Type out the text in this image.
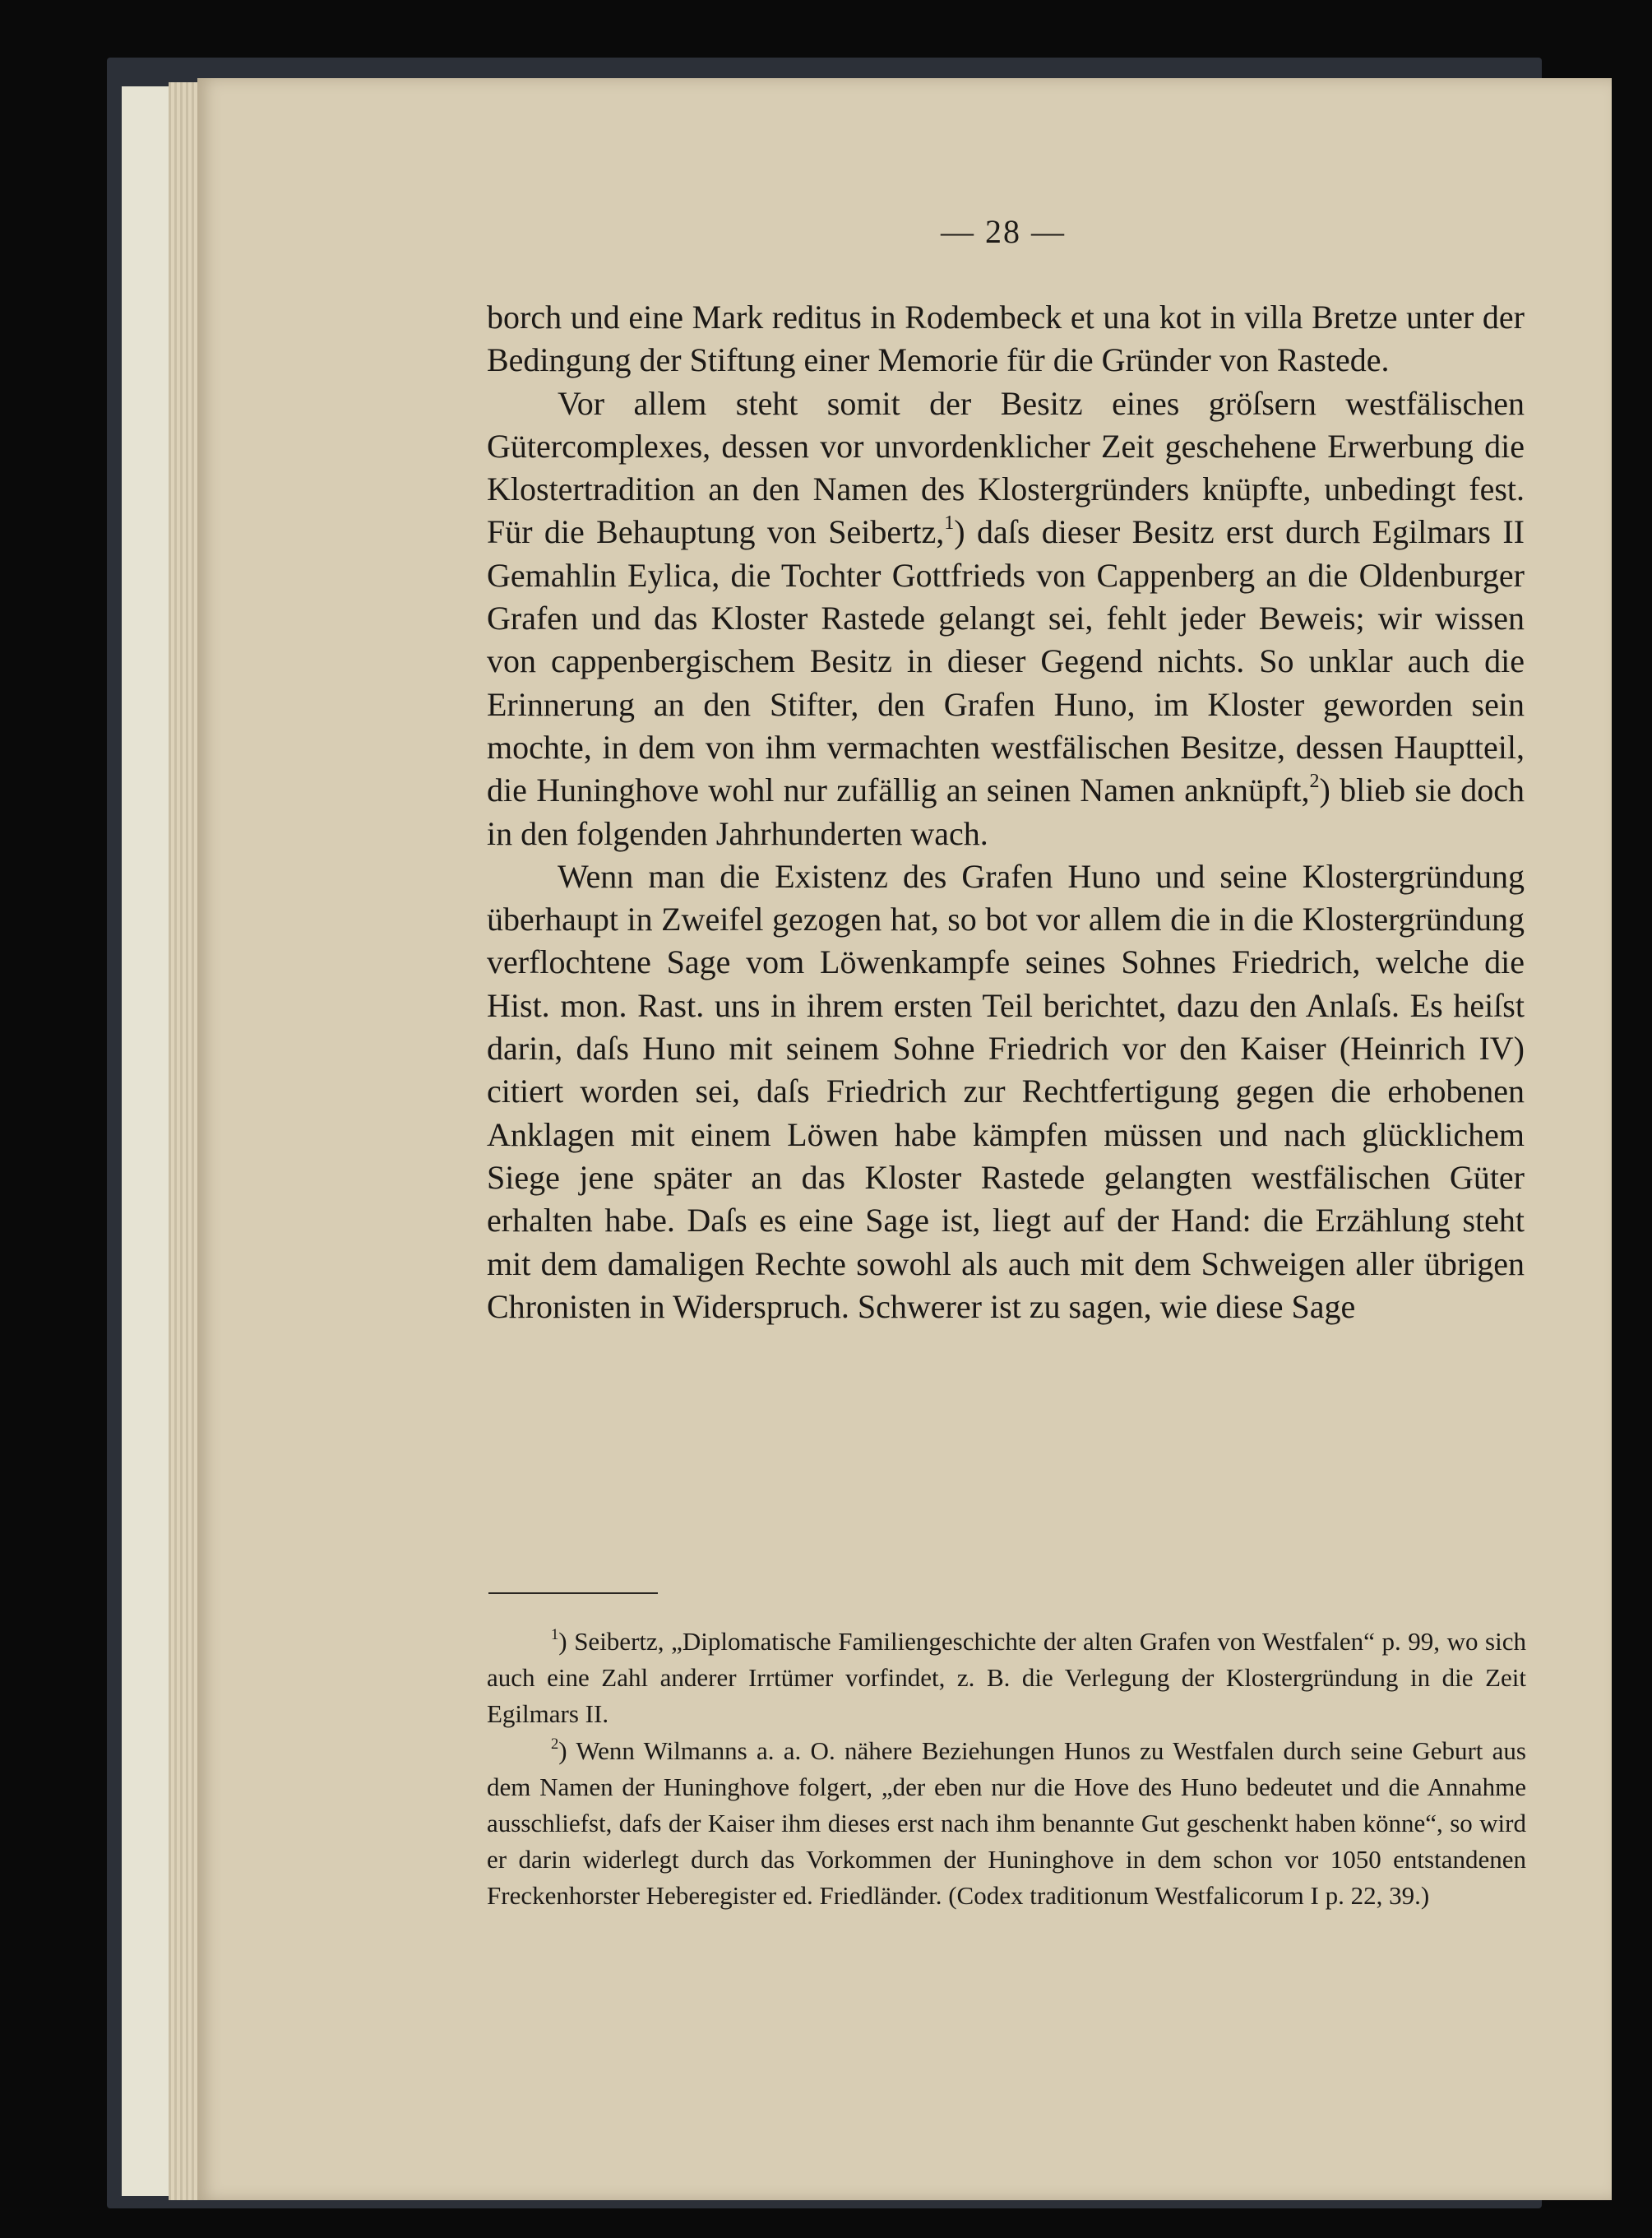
— 28 —

borch und eine Mark reditus in Rodembeck et una kot in villa Bretze unter der Bedingung der Stiftung einer Memorie für die Gründer von Rastede.

Vor allem steht somit der Besitz eines gröſsern westfälischen Gütercomplexes, dessen vor unvordenklicher Zeit geschehene Erwerbung die Klostertradition an den Namen des Klostergründers knüpfte, unbedingt fest. Für die Behauptung von Seibertz,$^1$) daſs dieser Besitz erst durch Egilmars II Gemahlin Eylica, die Tochter Gottfrieds von Cappenberg an die Oldenburger Grafen und das Kloster Rastede gelangt sei, fehlt jeder Beweis; wir wissen von cappenbergischem Besitz in dieser Gegend nichts. So unklar auch die Erinnerung an den Stifter, den Grafen Huno, im Kloster geworden sein mochte, in dem von ihm vermachten westfälischen Besitze, dessen Hauptteil, die Huninghove wohl nur zufällig an seinen Namen anknüpft,$^2$) blieb sie doch in den folgenden Jahrhunderten wach.

Wenn man die Existenz des Grafen Huno und seine Klostergründung überhaupt in Zweifel gezogen hat, so bot vor allem die in die Klostergründung verflochtene Sage vom Löwenkampfe seines Sohnes Friedrich, welche die Hist. mon. Rast. uns in ihrem ersten Teil berichtet, dazu den Anlaſs. Es heiſst darin, daſs Huno mit seinem Sohne Friedrich vor den Kaiser (Heinrich IV) citiert worden sei, daſs Friedrich zur Rechtfertigung gegen die erhobenen Anklagen mit einem Löwen habe kämpfen müssen und nach glücklichem Siege jene später an das Kloster Rastede gelangten westfälischen Güter erhalten habe. Daſs es eine Sage ist, liegt auf der Hand: die Erzählung steht mit dem damaligen Rechte sowohl als auch mit dem Schweigen aller übrigen Chronisten in Widerspruch. Schwerer ist zu sagen, wie diese Sage

$^1$) Seibertz, „Diplomatische Familiengeschichte der alten Grafen von Westfalen“ p. 99, wo sich auch eine Zahl anderer Irrtümer vorfindet, z. B. die Verlegung der Klostergründung in die Zeit Egilmars II.

$^2$) Wenn Wilmanns a. a. O. nähere Beziehungen Hunos zu Westfalen durch seine Geburt aus dem Namen der Huninghove folgert, „der eben nur die Hove des Huno bedeutet und die Annahme ausschliefst, dafs der Kaiser ihm dieses erst nach ihm benannte Gut geschenkt haben könne“, so wird er darin widerlegt durch das Vorkommen der Huninghove in dem schon vor 1050 entstandenen Freckenhorster Heberegister ed. Friedländer. (Codex traditionum Westfalicorum I p. 22, 39.)
